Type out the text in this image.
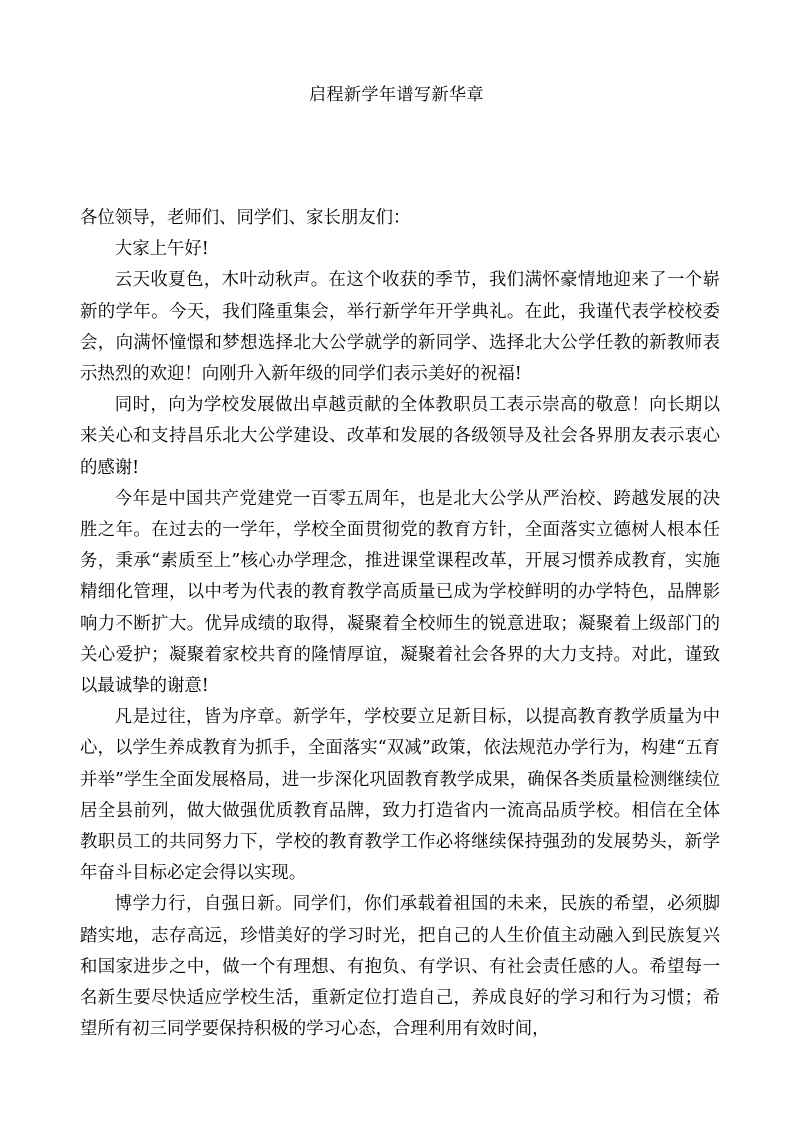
启程新学年谱写新华章

各位领导，老师们、同学们、家长朋友们：

大家上午好!

云天收夏色，木叶动秋声。在这个收获的季节，我们满怀豪情地迎来了一个崭新的学年。今天，我们隆重集会，举行新学年开学典礼。在此，我谨代表学校校委会，向满怀憧憬和梦想选择北大公学就学的新同学、选择北大公学任教的新教师表示热烈的欢迎！向刚升入新年级的同学们表示美好的祝福!

同时，向为学校发展做出卓越贡献的全体教职员工表示崇高的敬意！向长期以来关心和支持昌乐北大公学建设、改革和发展的各级领导及社会各界朋友表示衷心的感谢!

今年是中国共产党建党一百零五周年，也是北大公学从严治校、跨越发展的决胜之年。在过去的一学年，学校全面贯彻党的教育方针，全面落实立德树人根本任务，秉承“素质至上”核心办学理念，推进课堂课程改革，开展习惯养成教育，实施精细化管理，以中考为代表的教育教学高质量已成为学校鲜明的办学特色，品牌影响力不断扩大。优异成绩的取得，凝聚着全校师生的锐意进取；凝聚着上级部门的关心爱护；凝聚着家校共育的隆情厚谊，凝聚着社会各界的大力支持。对此，谨致以最诚挚的谢意!

凡是过往，皆为序章。新学年，学校要立足新目标，以提高教育教学质量为中心，以学生养成教育为抓手，全面落实“双减”政策，依法规范办学行为，构建“五育并举”学生全面发展格局，进一步深化巩固教育教学成果，确保各类质量检测继续位居全县前列，做大做强优质教育品牌，致力打造省内一流高品质学校。相信在全体教职员工的共同努力下，学校的教育教学工作必将继续保持强劲的发展势头，新学年奋斗目标必定会得以实现。

博学力行，自强日新。同学们，你们承载着祖国的未来，民族的希望，必须脚踏实地，志存高远，珍惜美好的学习时光，把自己的人生价值主动融入到民族复兴和国家进步之中，做一个有理想、有抱负、有学识、有社会责任感的人。希望每一名新生要尽快适应学校生活，重新定位打造自己，养成良好的学习和行为习惯；希望所有初三同学要保持积极的学习心态，合理利用有效时间，
